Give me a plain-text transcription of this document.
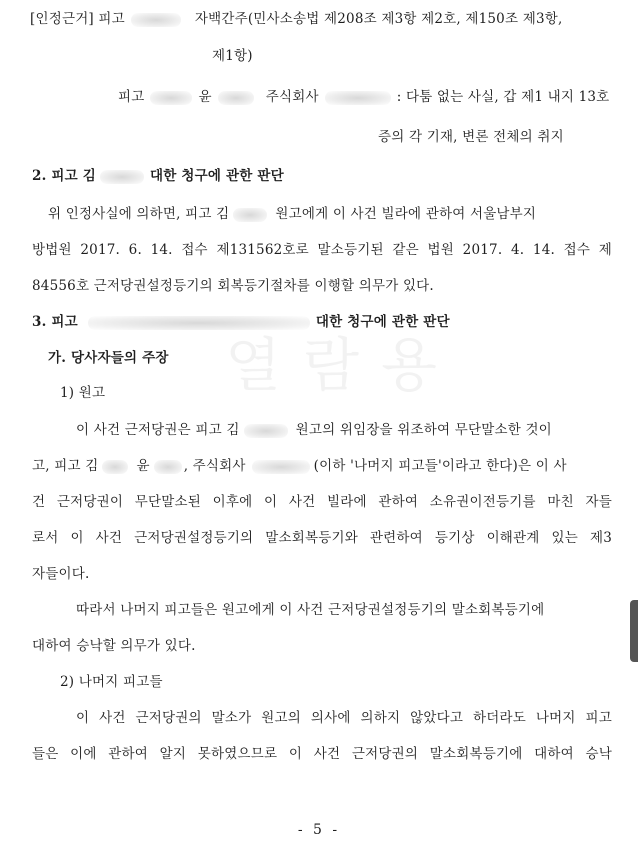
열람용

[인정근거] 피고	자백간주(민사소송법 제208조 제3항 제2호, 제150조 제3항,

제1항)

피고	윤	주식회사	: 다툼 없는 사실, 갑 제1 내지 13호

증의 각 기재, 변론 전체의 취지

2. 피고 김	대한 청구에 관한 판단

위 인정사실에 의하면, 피고 김	원고에게 이 사건 빌라에 관하여 서울남부지

방법원 2017. 6. 14. 접수 제131562호로 말소등기된 같은 법원 2017. 4. 14. 접수 제

84556호 근저당권설정등기의 회복등기절차를 이행할 의무가 있다.

3. 피고	대한 청구에 관한 판단

가. 당사자들의 주장

1) 원고

이 사건 근저당권은 피고 김	원고의 위임장을 위조하여 무단말소한 것이

고, 피고 김	윤	, 주식회사	(이하 '나머지 피고들'이라고 한다)은 이 사

건 근저당권이 무단말소된 이후에 이 사건 빌라에 관하여 소유권이전등기를 마친 자들

로서 이 사건 근저당권설정등기의 말소회복등기와 관련하여 등기상 이해관계 있는 제3

자들이다.

따라서 나머지 피고들은 원고에게 이 사건 근저당권설정등기의 말소회복등기에

대하여 승낙할 의무가 있다.

2) 나머지 피고들

이 사건 근저당권의 말소가 원고의 의사에 의하지 않았다고 하더라도 나머지 피고

들은 이에 관하여 알지 못하였으므로 이 사건 근저당권의 말소회복등기에 대하여 승낙

- 5 -
